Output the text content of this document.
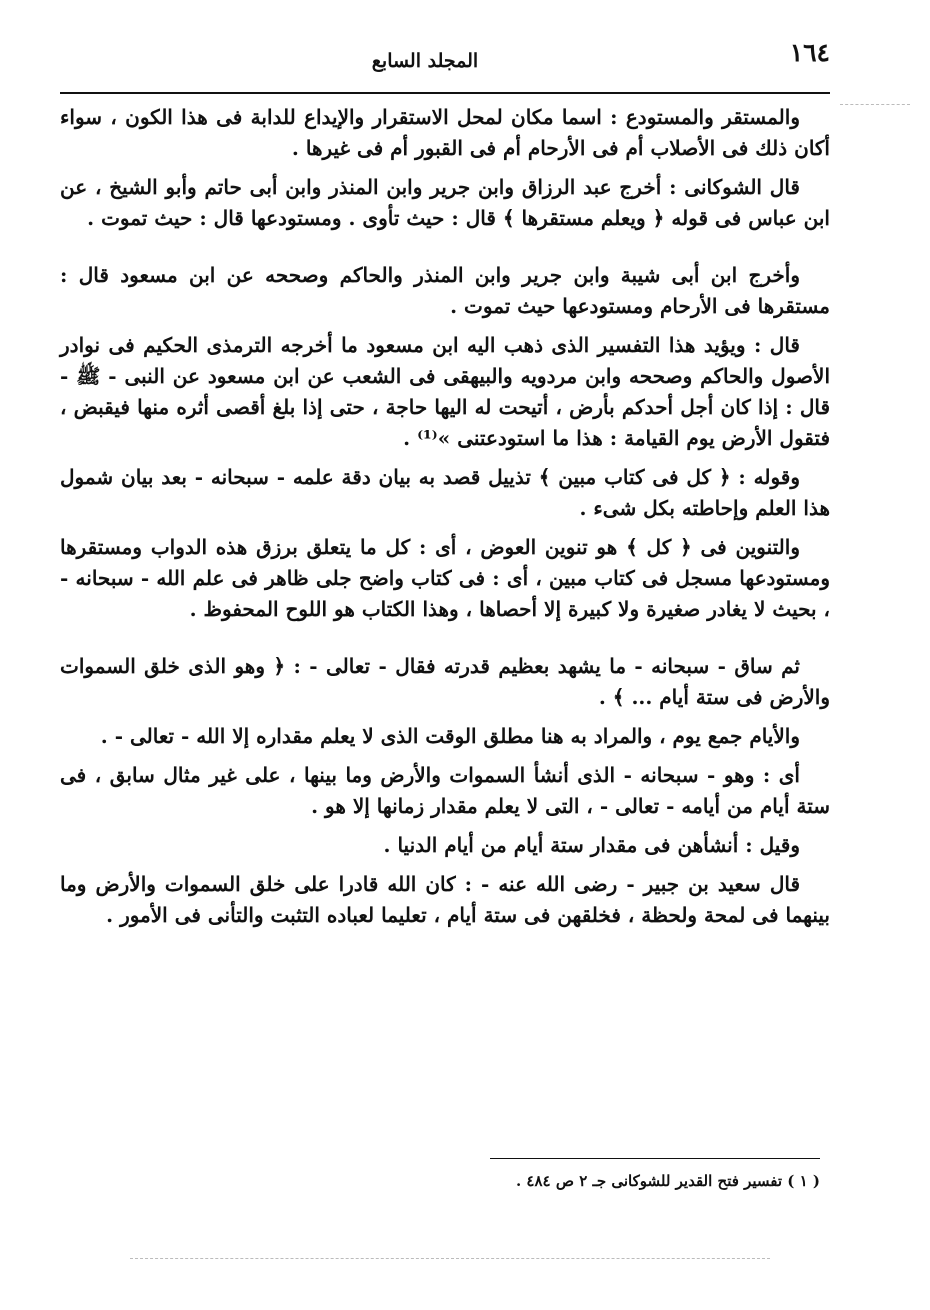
١٦٤
المجلد السابع

والمستقر والمستودع : اسما مكان لمحل الاستقرار والإيداع للدابة فى هذا الكون ، سواء أكان ذلك فى الأصلاب أم فى الأرحام أم فى القبور أم فى غيرها .

قال الشوكانى : أخرج عبد الرزاق وابن جرير وابن المنذر وابن أبى حاتم وأبو الشيخ ، عن ابن عباس فى قوله ﴿ ويعلم مستقرها ﴾ قال : حيث تأوى . ومستودعها قال : حيث تموت .

وأخرج ابن أبى شيبة وابن جرير وابن المنذر والحاكم وصححه عن ابن مسعود قال : مستقرها فى الأرحام ومستودعها حيث تموت .

قال : ويؤيد هذا التفسير الذى ذهب اليه ابن مسعود ما أخرجه الترمذى الحكيم فى نوادر الأصول والحاكم وصححه وابن مردويه والبيهقى فى الشعب عن ابن مسعود عن النبى - ﷺ - قال : إذا كان أجل أحدكم بأرض ، أتيحت له اليها حاجة ، حتى إذا بلغ أقصى أثره منها فيقبض ، فتقول الأرض يوم القيامة : هذا ما استودعتنى »⁽¹⁾ .

وقوله : ﴿ كل فى كتاب مبين ﴾ تذييل قصد به بيان دقة علمه - سبحانه - بعد بيان شمول هذا العلم وإحاطته بكل شىء .

والتنوين فى ﴿ كل ﴾ هو تنوين العوض ، أى : كل ما يتعلق برزق هذه الدواب ومستقرها ومستودعها مسجل فى كتاب مبين ، أى : فى كتاب واضح جلى ظاهر فى علم الله - سبحانه - ، بحيث لا يغادر صغيرة ولا كبيرة إلا أحصاها ، وهذا الكتاب هو اللوح المحفوظ .

ثم ساق - سبحانه - ما يشهد بعظيم قدرته فقال - تعالى - : ﴿ وهو الذى خلق السموات والأرض فى ستة أيام ... ﴾ .

والأيام جمع يوم ، والمراد به هنا مطلق الوقت الذى لا يعلم مقداره إلا الله - تعالى - .

أى : وهو - سبحانه - الذى أنشأ السموات والأرض وما بينها ، على غير مثال سابق ، فى ستة أيام من أيامه - تعالى - ، التى لا يعلم مقدار زمانها إلا هو .

وقيل : أنشأهن فى مقدار ستة أيام من أيام الدنيا .

قال سعيد بن جبير - رضى الله عنه - : كان الله قادرا على خلق السموات والأرض وما بينهما فى لمحة ولحظة ، فخلقهن فى ستة أيام ، تعليما لعباده التثبت والتأنى فى الأمور .

( ١ ) تفسير فتح القدير للشوكانى جـ ٢ ص ٤٨٤ .
